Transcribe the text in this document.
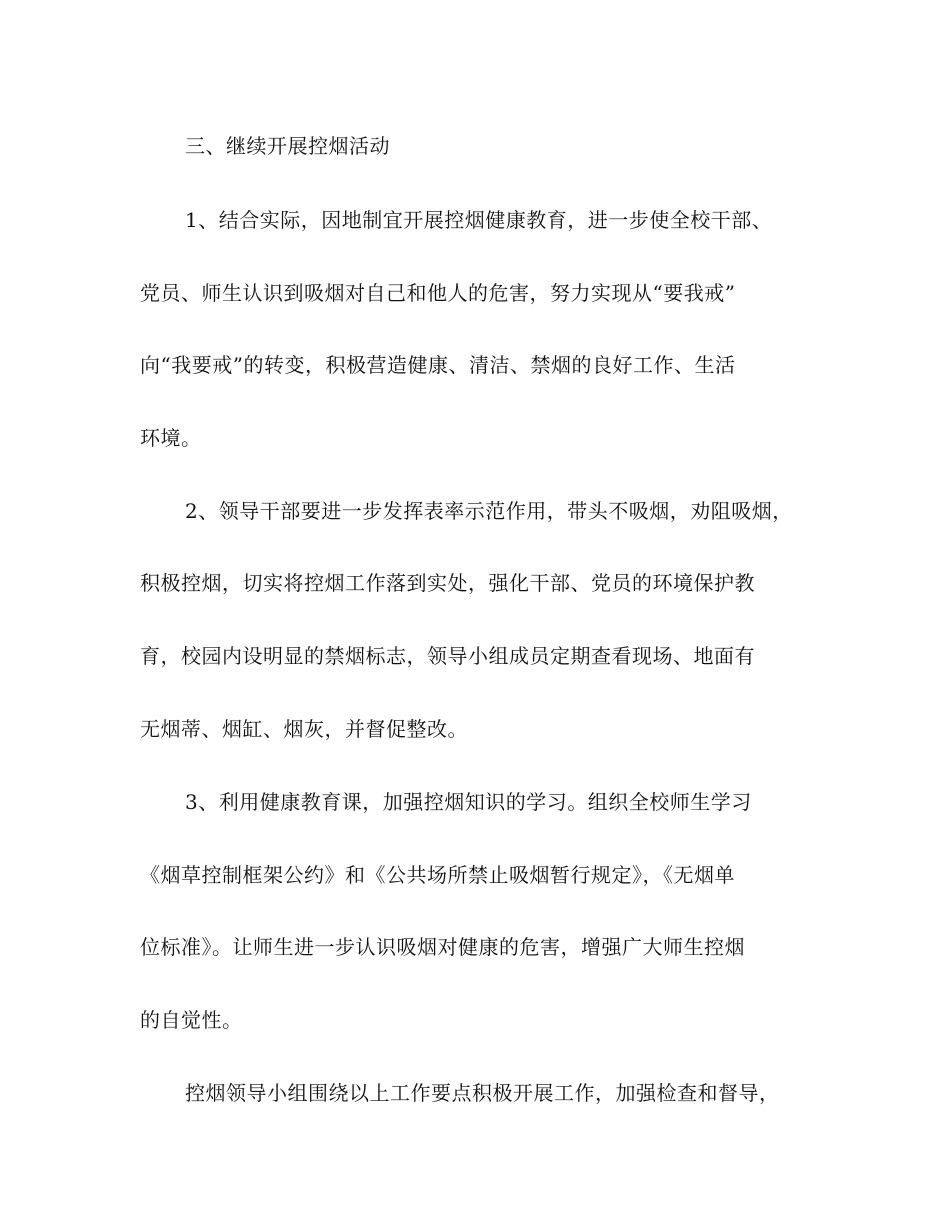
三、继续开展控烟活动
1、结合实际，因地制宜开展控烟健康教育，进一步使全校干部、
党员、师生认识到吸烟对自己和他人的危害，努力实现从“要我戒”
向“我要戒”的转变，积极营造健康、清洁、禁烟的良好工作、生活
环境。
2、领导干部要进一步发挥表率示范作用，带头不吸烟，劝阻吸烟，
积极控烟，切实将控烟工作落到实处，强化干部、党员的环境保护教
育，校园内设明显的禁烟标志，领导小组成员定期查看现场、地面有
无烟蒂、烟缸、烟灰，并督促整改。
3、利用健康教育课，加强控烟知识的学习。组织全校师生学习
《烟草控制框架公约》和《公共场所禁止吸烟暂行规定》，《无烟单
位标准》。让师生进一步认识吸烟对健康的危害，增强广大师生控烟
的自觉性。
控烟领导小组围绕以上工作要点积极开展工作，加强检查和督导，
